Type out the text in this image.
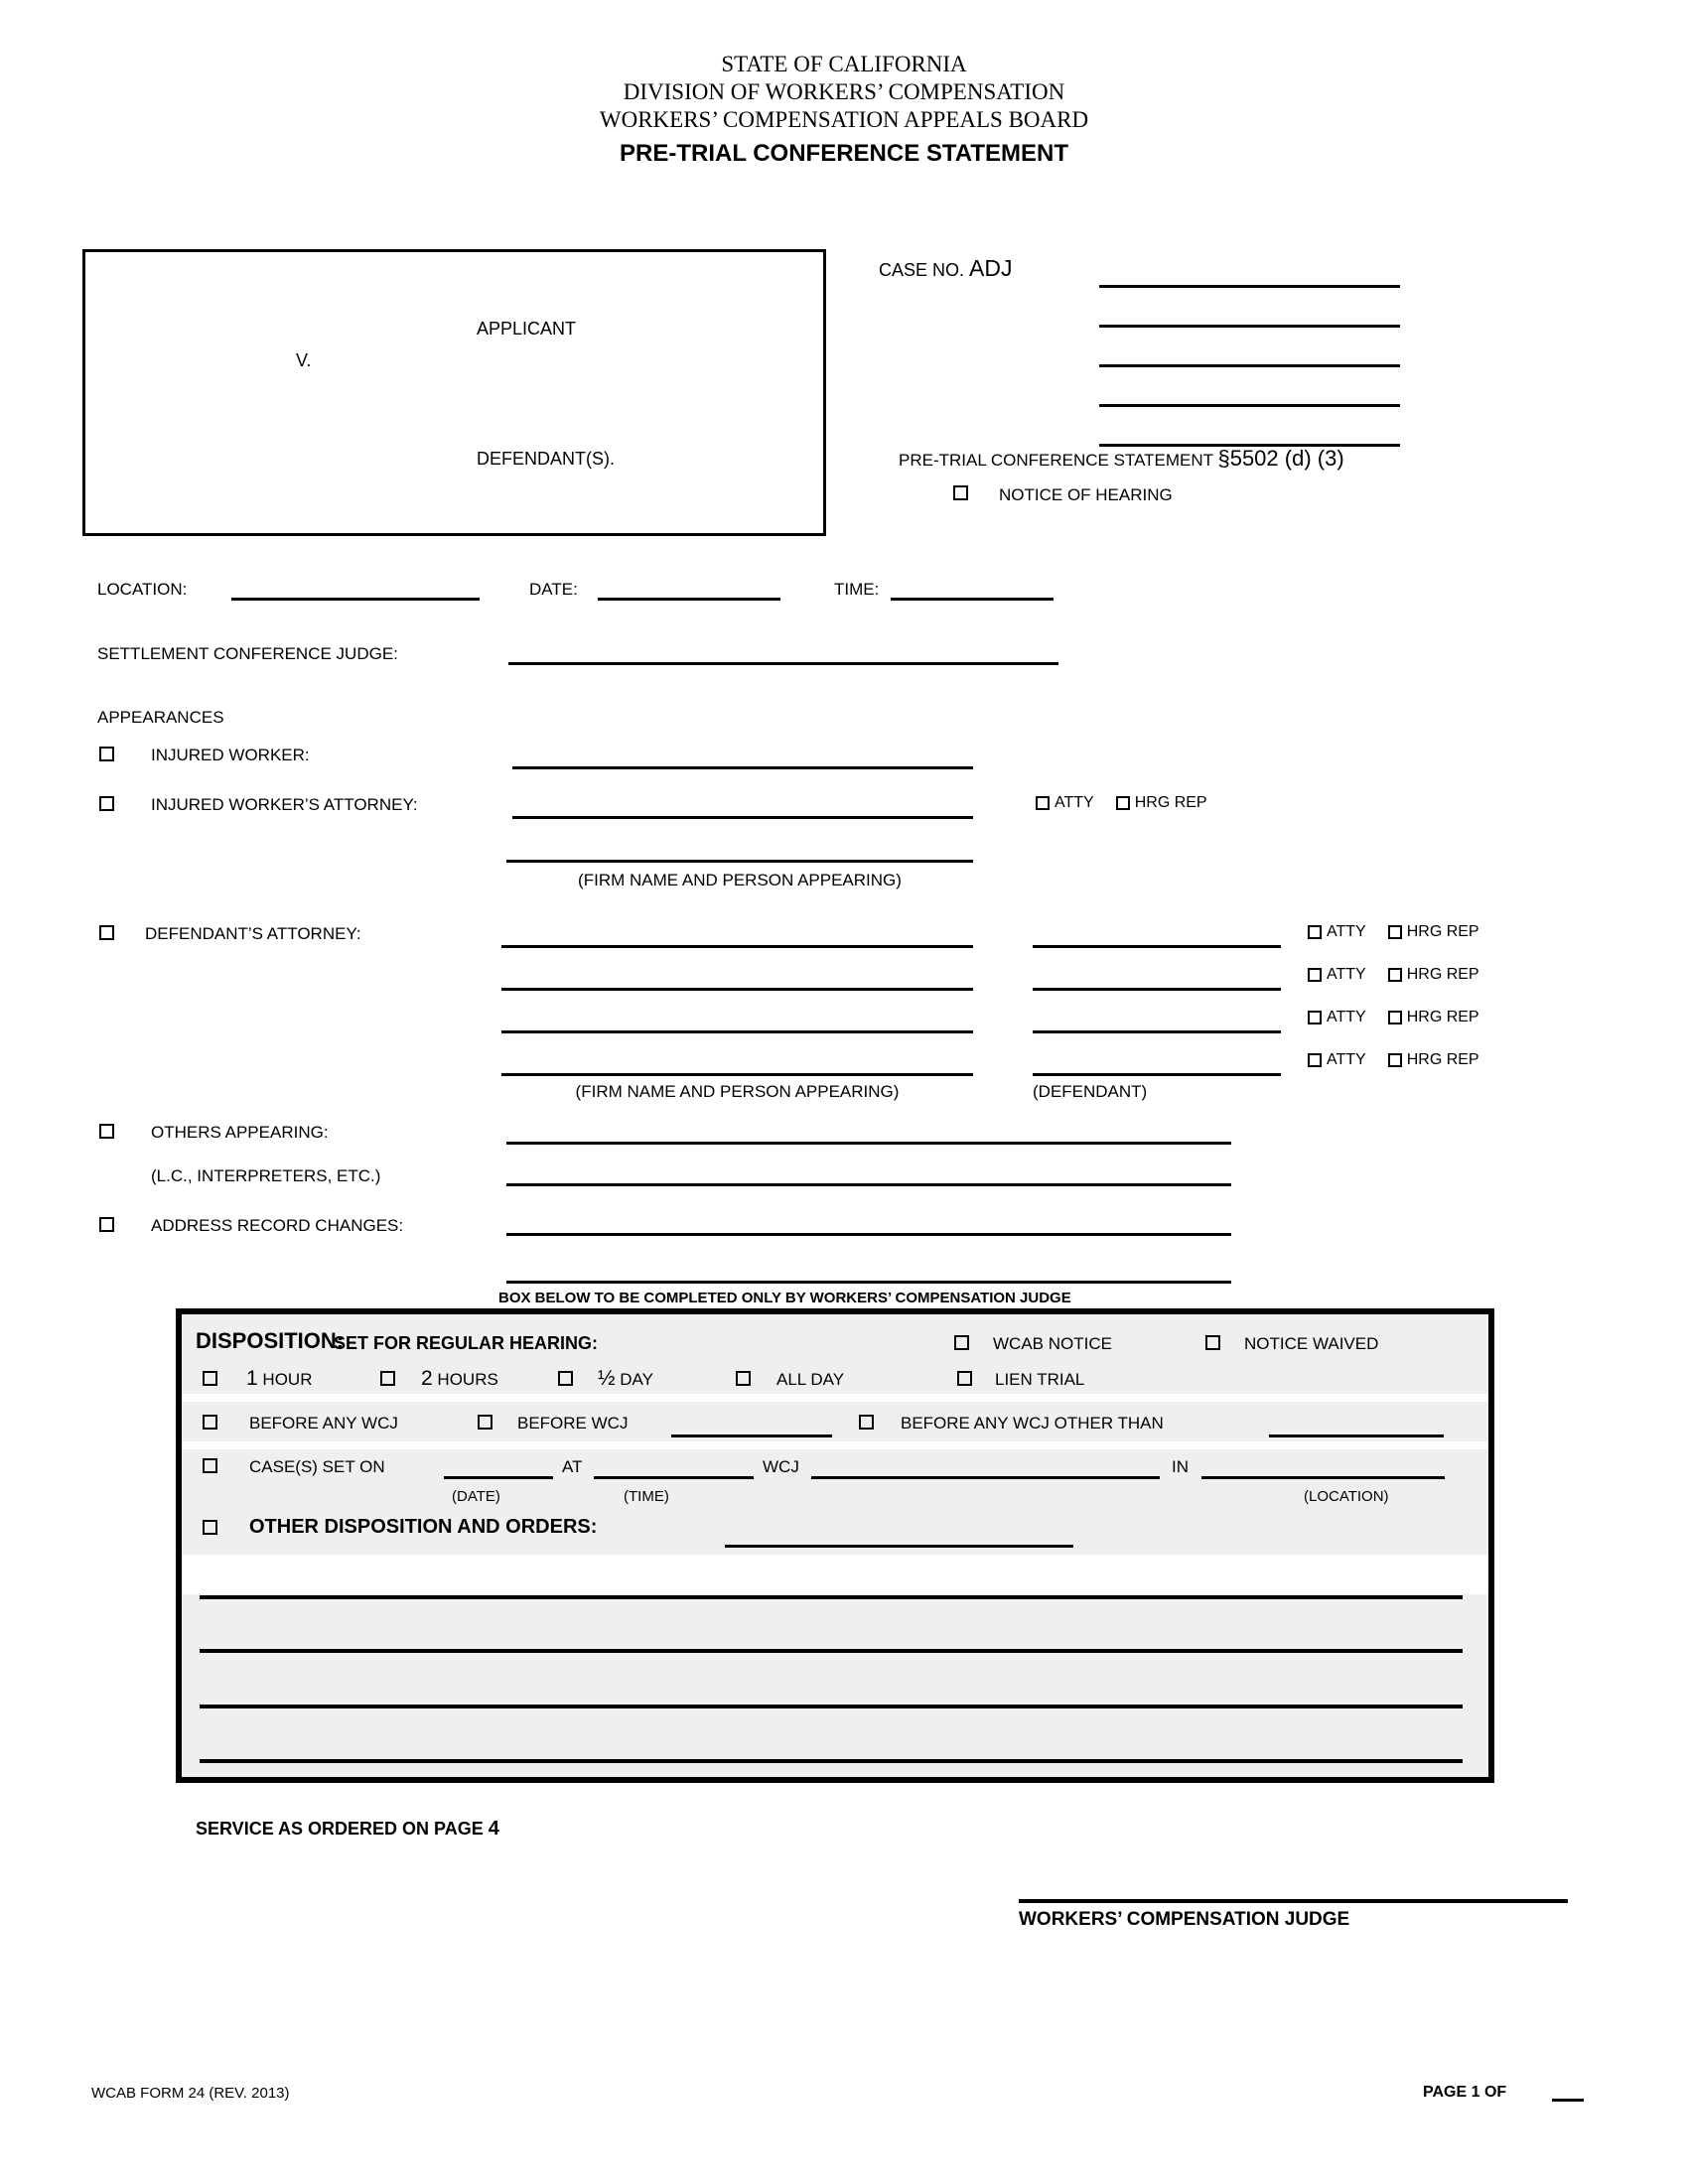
STATE OF CALIFORNIA
DIVISION OF WORKERS’ COMPENSATION
WORKERS’ COMPENSATION APPEALS BOARD
PRE-TRIAL CONFERENCE STATEMENT
APPLICANT
V.
DEFENDANT(S).
CASE NO. ADJ
PRE-TRIAL CONFERENCE STATEMENT §5502 (d) (3)
NOTICE OF HEARING
LOCATION:	DATE:	TIME:
SETTLEMENT CONFERENCE JUDGE:
APPEARANCES
INJURED WORKER:
INJURED WORKER’S ATTORNEY:	ATTY	HRG REP
(FIRM NAME AND PERSON APPEARING)
DEFENDANT’S ATTORNEY:	ATTY	HRG REP
ATTY	HRG REP
ATTY	HRG REP
ATTY	HRG REP
(FIRM NAME AND PERSON APPEARING)	(DEFENDANT)
OTHERS APPEARING:
(L.C., INTERPRETERS, ETC.)
ADDRESS RECORD CHANGES:
BOX BELOW TO BE COMPLETED ONLY BY WORKERS’ COMPENSATION JUDGE
DISPOSITION:
SET FOR REGULAR HEARING:	WCAB NOTICE	NOTICE WAIVED
1 HOUR	2 HOURS	½ DAY	ALL DAY	LIEN TRIAL
BEFORE ANY WCJ	BEFORE WCJ	BEFORE ANY WCJ OTHER THAN
CASE(S) SET ON	AT	WCJ	IN
(DATE)	(TIME)	(LOCATION)
OTHER DISPOSITION AND ORDERS:
SERVICE AS ORDERED ON PAGE 4
WORKERS’ COMPENSATION JUDGE
WCAB FORM 24 (REV. 2013)	PAGE 1 OF
